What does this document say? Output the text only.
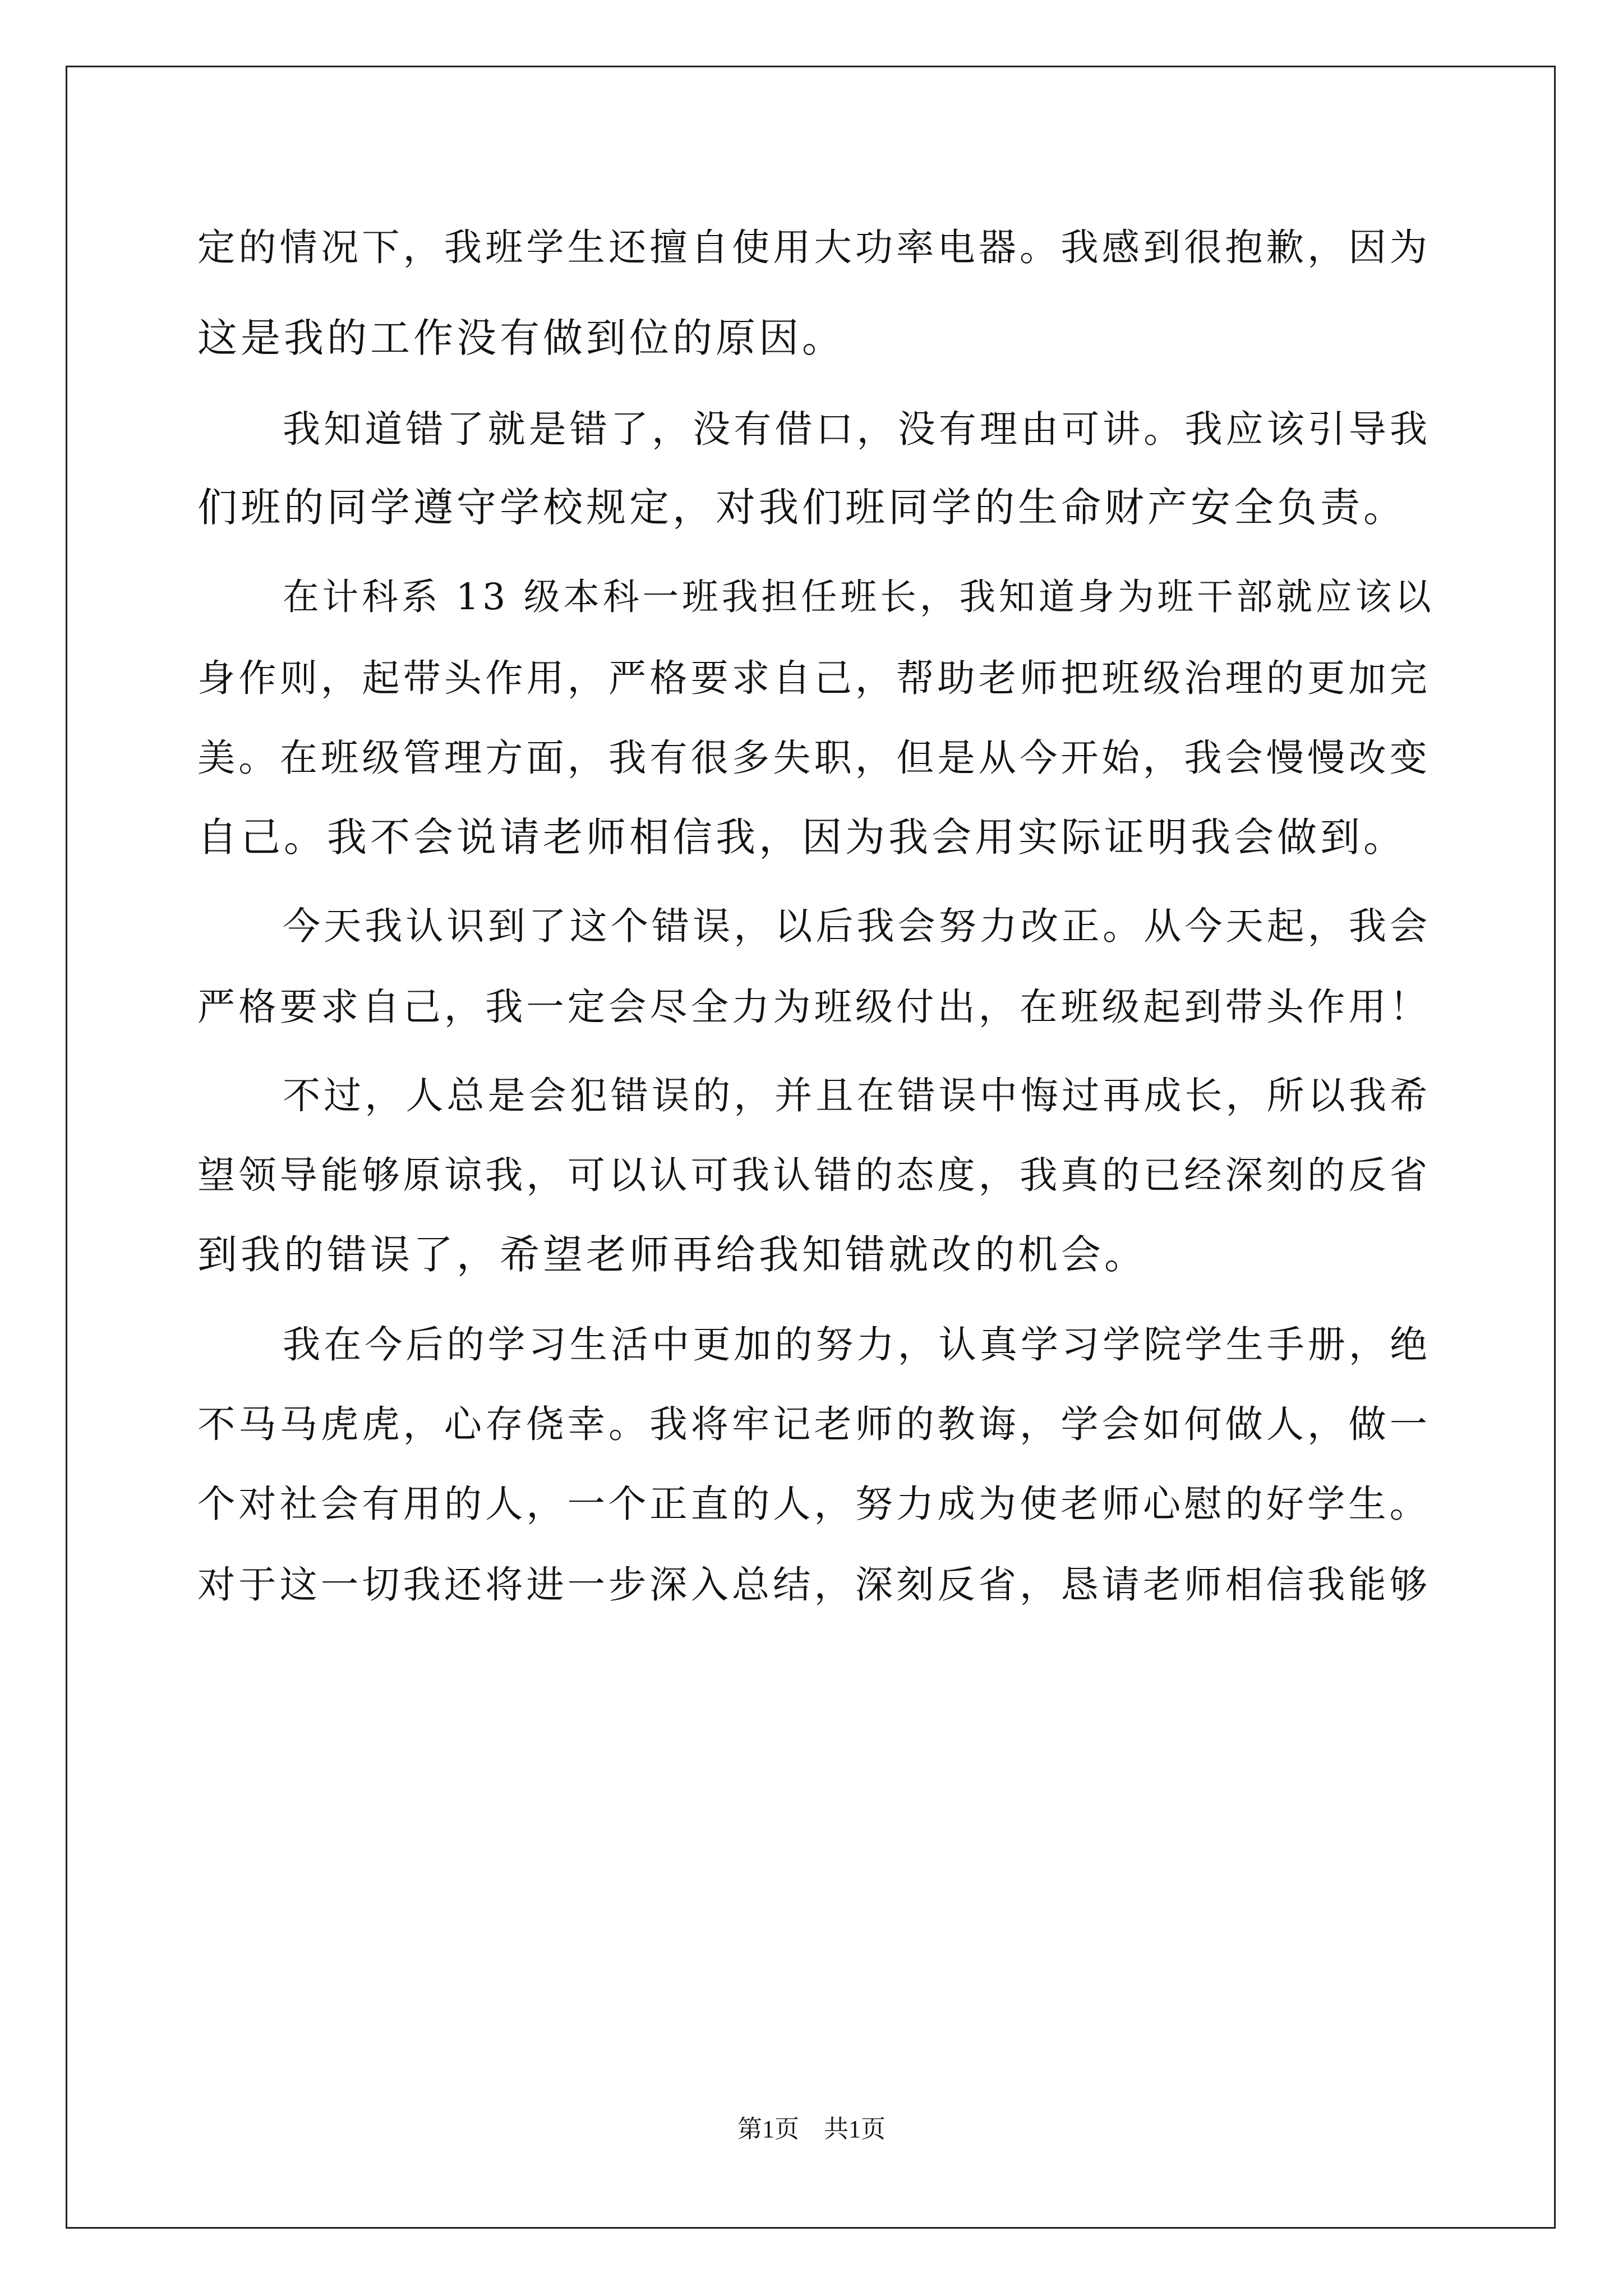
定的情况下，我班学生还擅自使用大功率电器。我感到很抱歉，因为
这是我的工作没有做到位的原因。
我知道错了就是错了，没有借口，没有理由可讲。我应该引导我
们班的同学遵守学校规定，对我们班同学的生命财产安全负责。
在计科系 13 级本科一班我担任班长，我知道身为班干部就应该以
身作则，起带头作用，严格要求自己，帮助老师把班级治理的更加完
美。在班级管理方面，我有很多失职，但是从今开始，我会慢慢改变
自己。我不会说请老师相信我，因为我会用实际证明我会做到。
今天我认识到了这个错误，以后我会努力改正。从今天起，我会
严格要求自己，我一定会尽全力为班级付出，在班级起到带头作用！
不过，人总是会犯错误的，并且在错误中悔过再成长，所以我希
望领导能够原谅我，可以认可我认错的态度，我真的已经深刻的反省
到我的错误了，希望老师再给我知错就改的机会。
我在今后的学习生活中更加的努力，认真学习学院学生手册，绝
不马马虎虎，心存侥幸。我将牢记老师的教诲，学会如何做人，做一
个对社会有用的人，一个正直的人，努力成为使老师心慰的好学生。
对于这一切我还将进一步深入总结，深刻反省，恳请老师相信我能够
第1页　共1页
